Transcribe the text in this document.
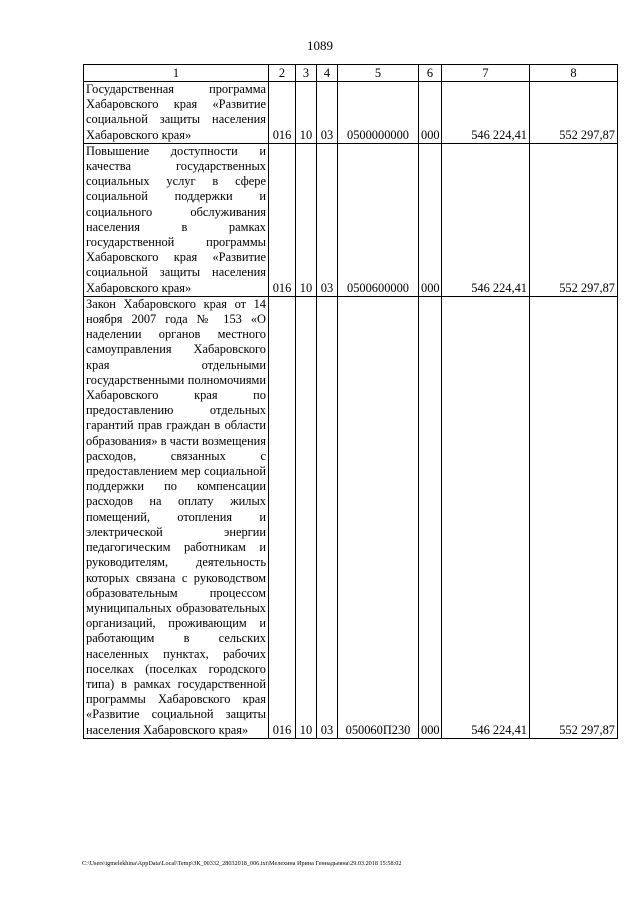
1089
1	2	3	4	5	6	7	8
Государственная программа Хабаровского края «Развитие социальной защиты населения Хабаровского края»	016	10	03	0500000000	000	546 224,41	552 297,87
Повышение доступности и качества государственных социальных услуг в сфере социальной поддержки и социального обслуживания населения в рамках государственной программы Хабаровского края «Развитие социальной защиты населения Хабаровского края»	016	10	03	0500600000	000	546 224,41	552 297,87
Закон Хабаровского края от 14 ноября 2007 года № 153 «О наделении органов местного самоуправления Хабаровского края отдельными государственными полномочиями Хабаровского края по предоставлению отдельных гарантий прав граждан в области образования» в части возмещения расходов, связанных с предоставлением мер социальной поддержки по компенсации расходов на оплату жилых помещений, отопления и электрической энергии педагогическим работникам и руководителям, деятельность которых связана с руководством образовательным процессом муниципальных образовательных организаций, проживающим и работающим в сельских населенных пунктах, рабочих поселках (поселках городского типа) в рамках государственной программы Хабаровского края «Развитие социальной защиты населения Хабаровского края»	016	10	03	050060П230	000	546 224,41	552 297,87
C:\Users\igmelekhina\AppData\Local\Temp\ЗК_00332_28032018_006.txt\Мелехина Ирина Геннадьевна\29.03.2018 15:58:02
